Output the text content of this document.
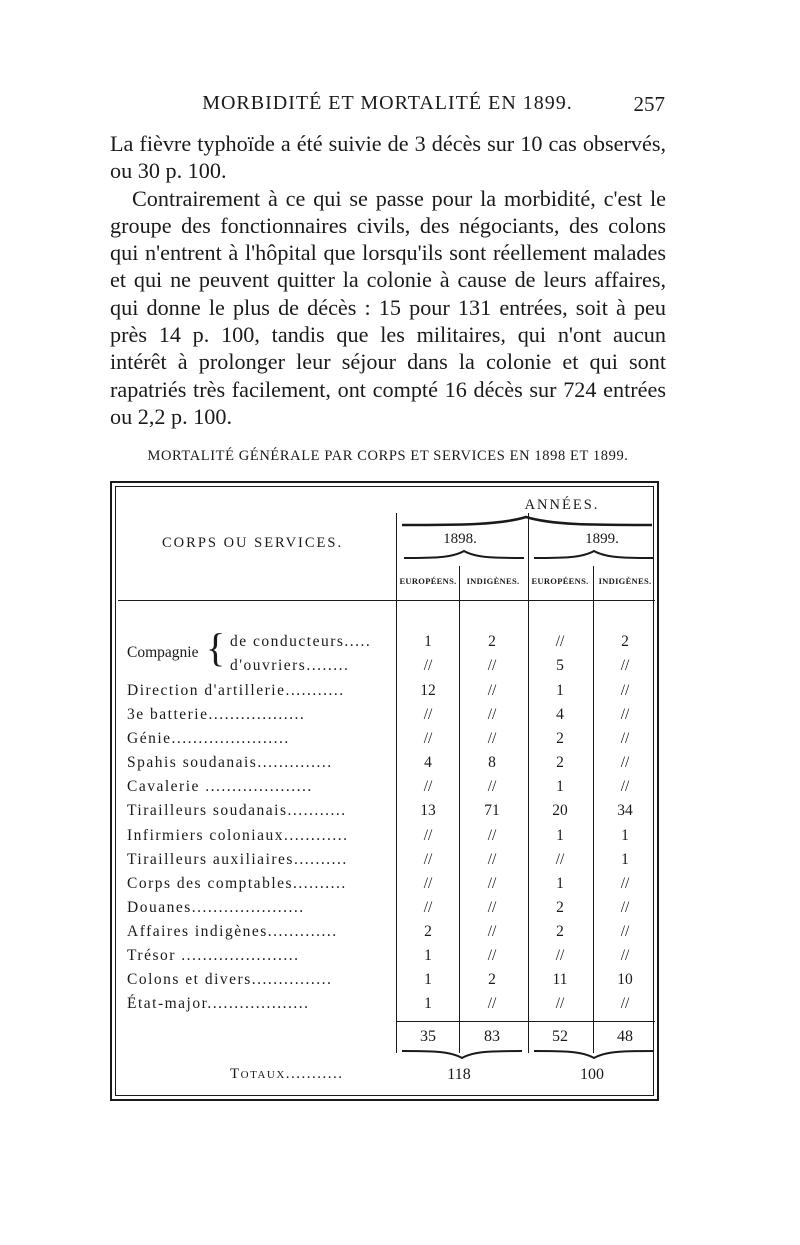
MORBIDITÉ ET MORTALITÉ EN 1899.	257

La fièvre typhoïde a été suivie de 3 décès sur 10 cas observés, ou 30 p. 100.

Contrairement à ce qui se passe pour la morbidité, c'est le groupe des fonctionnaires civils, des négociants, des colons qui n'entrent à l'hôpital que lorsqu'ils sont réellement malades et qui ne peuvent quitter la colonie à cause de leurs affaires, qui donne le plus de décès : 15 pour 131 entrées, soit à peu près 14 p. 100, tandis que les militaires, qui n'ont aucun intérêt à prolonger leur séjour dans la colonie et qui sont rapatriés très facilement, ont compté 16 décès sur 724 entrées ou 2,2 p. 100.

MORTALITÉ GÉNÉRALE PAR CORPS ET SERVICES EN 1898 ET 1899.
CORPS OU SERVICES.
ANNÉES.
1898.	1899.
EUROPÉENS.	INDIGÈNES.	EUROPÉENS.	INDIGÈNES.
Compagnie { de conducteurs.....	1	2	//	2
d'ouvriers........	//	//	5	//
Direction d'artillerie...........	12	//	1	//
3e batterie..................	//	//	4	//
Génie......................	//	//	2	//
Spahis soudanais..............	4	8	2	//
Cavalerie ....................	//	//	1	//
Tirailleurs soudanais...........	13	71	20	34
Infirmiers coloniaux............	//	//	1	1
Tirailleurs auxiliaires..........	//	//	//	1
Corps des comptables..........	//	//	1	//
Douanes.....................	//	//	2	//
Affaires indigènes.............	2	//	2	//
Trésor ......................	1	//	//	//
Colons et divers...............	1	2	11	10
État-major...................	1	//	//	//
35	83	52	48
Totaux...........	118	100
